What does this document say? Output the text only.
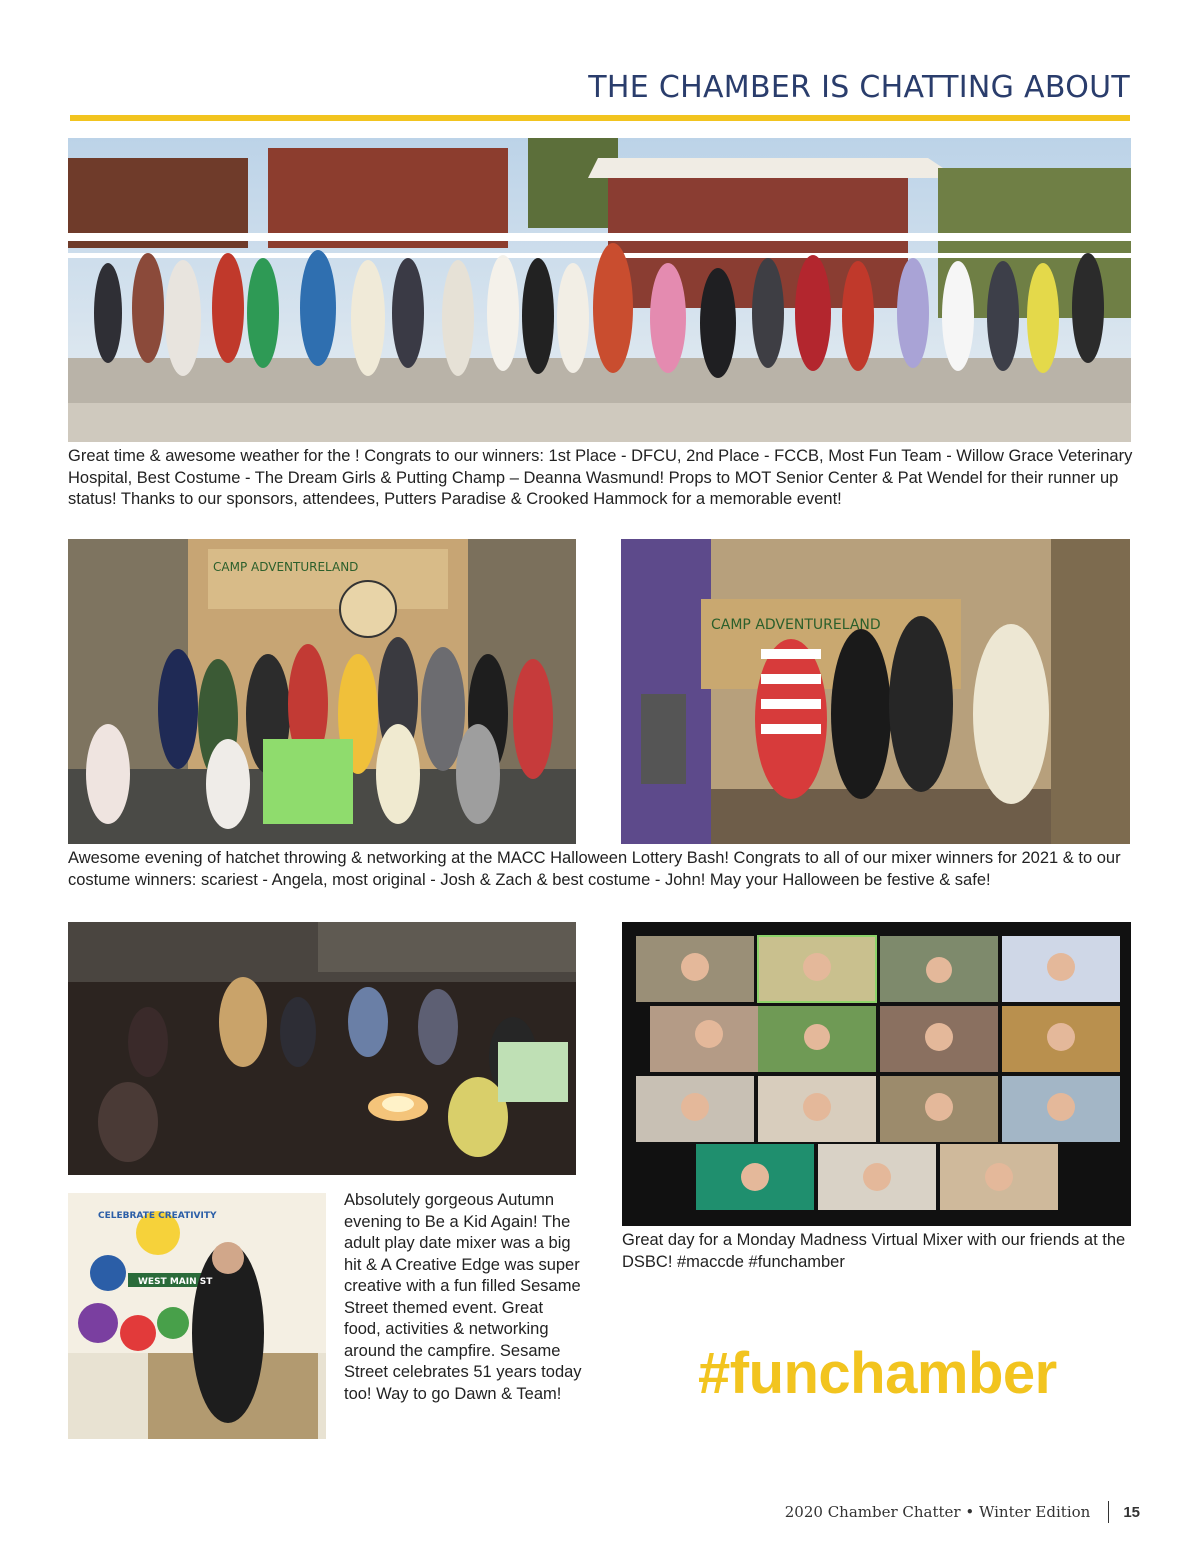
THE CHAMBER IS CHATTING ABOUT
Great time & awesome weather for the ! Congrats to our winners: 1st Place - DFCU, 2nd Place - FCCB, Most Fun Team - Willow Grace Veterinary Hospital, Best Costume - The Dream Girls & Putting Champ – Deanna Wasmund! Props to MOT Senior Center & Pat Wendel for their runner up status! Thanks to our sponsors, attendees, Putters Paradise & Crooked Hammock for a memorable event!
CAMP ADVENTURELAND
CAMP ADVENTURELAND
Awesome evening of hatchet throwing & networking at the MACC Halloween Lottery Bash! Congrats to all of our mixer winners for 2021 & to our costume winners: scariest - Angela, most original - Josh & Zach & best costume - John! May your Halloween be festive & safe!
CELEBRATE CREATIVITY
WEST MAIN ST
Absolutely gorgeous Autumn evening to Be a Kid Again! The adult play date mixer was a big hit & A Creative Edge was super creative with a fun filled Sesame Street themed event. Great food, activities & networking around the campfire. Sesame Street celebrates 51 years today too! Way to go Dawn & Team!
Great day for a Monday Madness Virtual Mixer with our friends at the DSBC! #maccde #funchamber
#funchamber
2020 Chamber Chatter • Winter Edition 15
